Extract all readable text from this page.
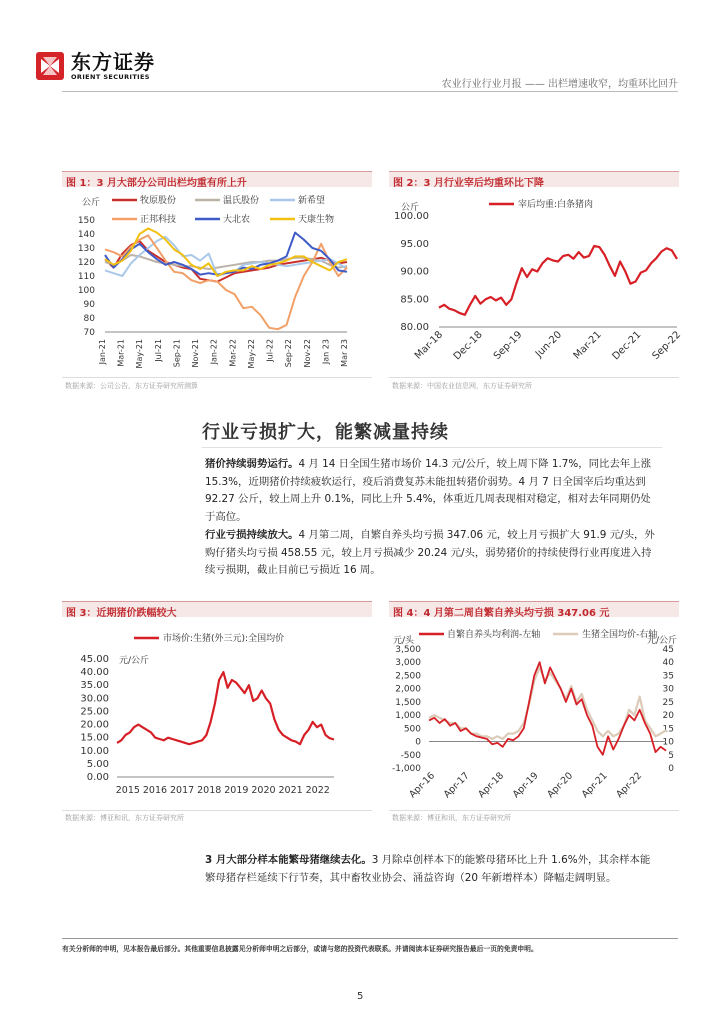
东方证券
ORIENT SECURITIES
农业行业行业月报 —— 出栏增速收窄，均重环比回升
图 1：3 月大部分公司出栏均重有所上升	图 2：3 月行业宰后均重环比下降
图 3：近期猪价跌幅较大	图 4：4 月第二周自繁自养头均亏损 347.06 元
数据来源：公司公告，东方证券研究所测算	数据来源：中国农业信息网，东方证券研究所
数据来源：博亚和讯，东方证券研究所	数据来源：博亚和讯，东方证券研究所
公斤
150
140
130
120
110
100
90
80
70
牧原股份	温氏股份	新希望
正邦科技	大北农	天康生物
Jan-21 Mar-21 May-21 Jul-21 Sep-21 Nov-21 Jan-22 Mar-22 May-22 Jul-22 Sep-22 Nov-22 Jan 23 Mar 23
公斤
100.00
95.00
90.00
85.00
80.00
宰后均重:白条猪肉
Mar-18 Dec-18 Sep-19 Jun-20 Mar-21 Dec-21 Sep-22
45.00
40.00
35.00
30.00
25.00
20.00
15.00
10.00
5.00
0.00
元/公斤
市场价:生猪(外三元):全国均价
2015 2016 2017 2018 2019 2020 2021 2022
3,500
3,000
2,500
2,000
1,500
1,000
500
0
-500
-1,000
45
40
35
30
25
20
15
10
5
0
元/头	元/公斤
自繁自养头均利润-左轴	生猪全国均价-右轴
Apr-16 Apr-17 Apr-18 Apr-19 Apr-20 Apr-21 Apr-22
行业亏损扩大，能繁减量持续
猪价持续弱势运行。4 月 14 日全国生猪市场价 14.3 元/公斤，较上周下降 1.7%，同比去年上涨
15.3%，近期猪价持续疲软运行，疫后消费复苏未能扭转猪价弱势。4 月 7 日全国宰后均重达到
92.27 公斤，较上周上升 0.1%，同比上升 5.4%，体重近几周表现相对稳定，相对去年同期仍处
于高位。
行业亏损持续放大。4 月第二周，自繁自养头均亏损 347.06 元，较上月亏损扩大 91.9 元/头，外
购仔猪头均亏损 458.55 元，较上月亏损减少 20.24 元/头，弱势猪价的持续使得行业再度进入持
续亏损期，截止目前已亏损近 16 周。
3 月大部分样本能繁母猪继续去化。3 月除卓创样本下的能繁母猪环比上升 1.6%外，其余样本能
繁母猪存栏延续下行节奏，其中畜牧业协会、涌益咨询（20 年新增样本）降幅走阔明显。
有关分析师的申明，见本报告最后部分。其他重要信息披露见分析师申明之后部分，或请与您的投资代表联系。并请阅读本证券研究报告最后一页的免责申明。
5
